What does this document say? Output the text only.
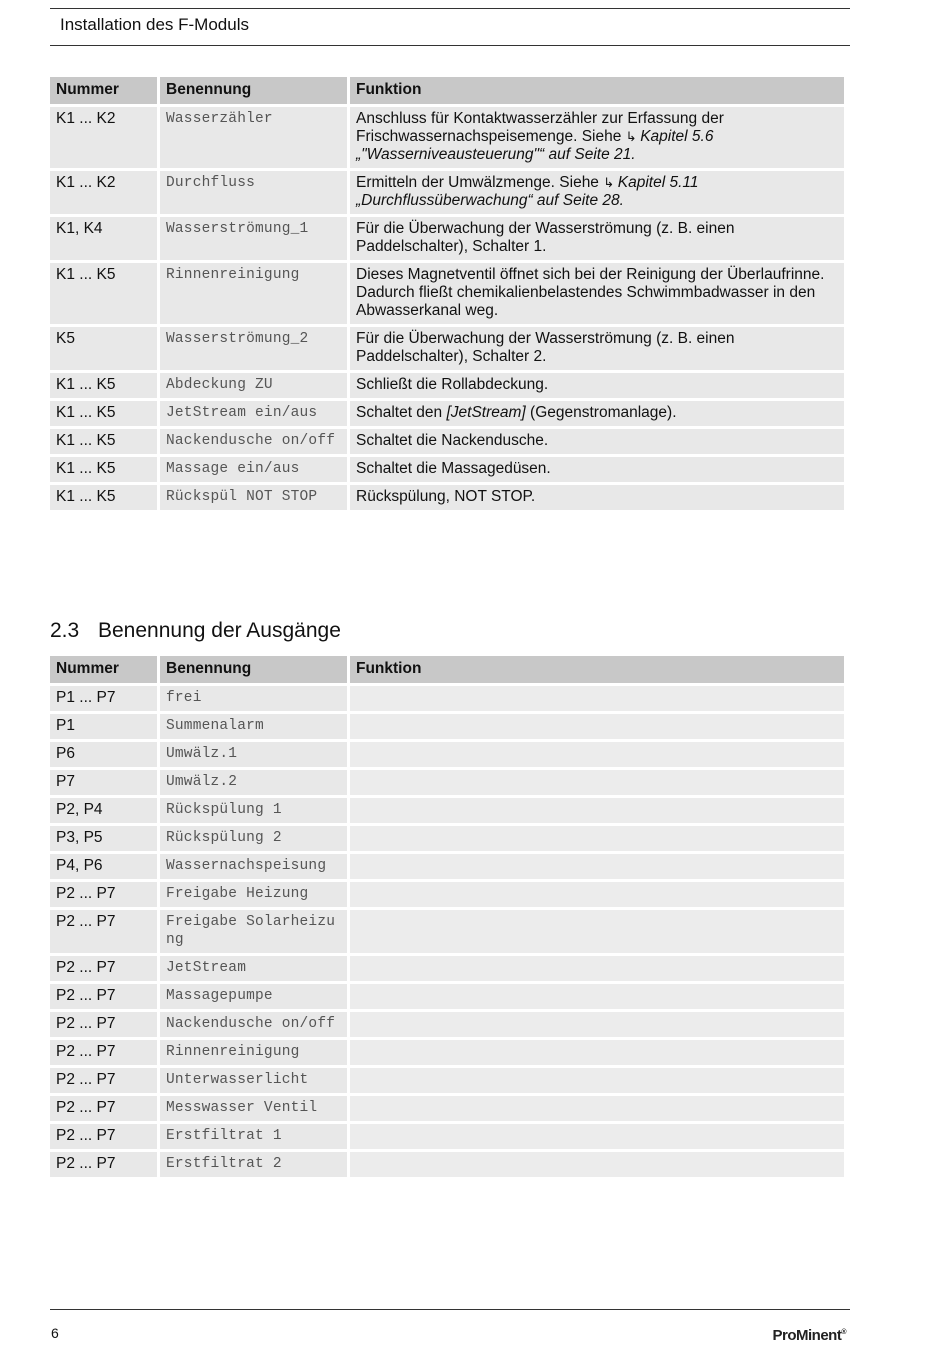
Installation des F-Moduls
Nummer	Benennung	Funktion
K1 ... K2	Wasserzähler	Anschluss für Kontaktwasserzähler zur Erfassung der Frischwassernachspeisemenge. Siehe ↳ Kapitel 5.6 „"Wasserniveausteuerung"“ auf Seite 21.
K1 ... K2	Durchfluss	Ermitteln der Umwälzmenge. Siehe ↳ Kapitel 5.11 „Durchflussüberwachung“ auf Seite 28.
K1, K4	Wasserströmung_1	Für die Überwachung der Wasserströmung (z. B. einen Paddelschalter), Schalter 1.
K1 ... K5	Rinnenreinigung	Dieses Magnetventil öffnet sich bei der Reinigung der Überlaufrinne. Dadurch fließt chemikalienbelastendes Schwimmbadwasser in den Abwasserkanal weg.
K5	Wasserströmung_2	Für die Überwachung der Wasserströmung (z. B. einen Paddelschalter), Schalter 2.
K1 ... K5	Abdeckung ZU	Schließt die Rollabdeckung.
K1 ... K5	JetStream ein/aus	Schaltet den [JetStream] (Gegenstromanlage).
K1 ... K5	Nackendusche on/off	Schaltet die Nackendusche.
K1 ... K5	Massage ein/aus	Schaltet die Massagedüsen.
K1 ... K5	Rückspül NOT STOP	Rückspülung, NOT STOP.
2.3 Benennung der Ausgänge
Nummer	Benennung	Funktion
P1 ... P7	frei	
P1	Summenalarm	
P6	Umwälz.1	
P7	Umwälz.2	
P2, P4	Rückspülung 1	
P3, P5	Rückspülung 2	
P4, P6	Wassernachspeisung	
P2 ... P7	Freigabe Heizung	
P2 ... P7	Freigabe Solarheizung	
P2 ... P7	JetStream	
P2 ... P7	Massagepumpe	
P2 ... P7	Nackendusche on/off	
P2 ... P7	Rinnenreinigung	
P2 ... P7	Unterwasserlicht	
P2 ... P7	Messwasser Ventil	
P2 ... P7	Erstfiltrat 1	
P2 ... P7	Erstfiltrat 2	
6	ProMinent®
